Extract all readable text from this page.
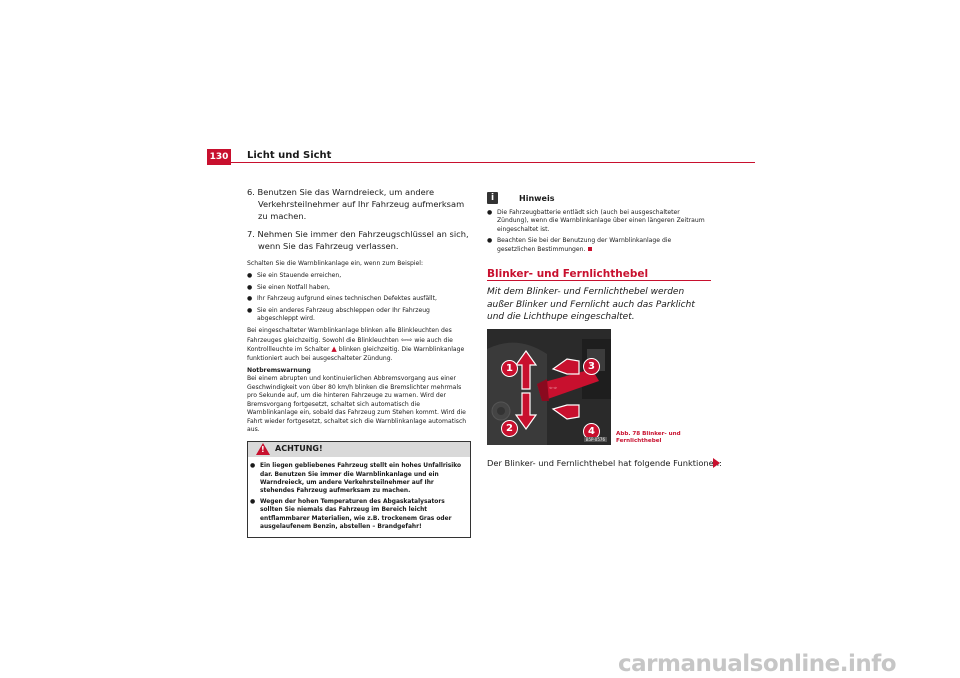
130 Licht und Sicht
6. Benutzen Sie das Warndreieck, um andere Verkehrsteilnehmer auf Ihr Fahrzeug aufmerksam zu machen.
7. Nehmen Sie immer den Fahrzeugschlüssel an sich, wenn Sie das Fahrzeug verlassen.
Schalten Sie die Warnblinkanlage ein, wenn zum Beispiel:
● Sie ein Stauende erreichen,
● Sie einen Notfall haben,
● Ihr Fahrzeug aufgrund eines technischen Defektes ausfällt,
● Sie ein anderes Fahrzeug abschleppen oder Ihr Fahrzeug abgeschleppt wird.
Bei eingeschalteter Warnblinkanlage blinken alle Blinkleuchten des Fahrzeuges gleichzeitig. Sowohl die Blinkleuchten ⇦⇨ wie auch die Kontrollleuchte im Schalter ▲ blinken gleichzeitig. Die Warnblinkanlage funktioniert auch bei ausgeschalteter Zündung.
Notbremswarnung
Bei einem abrupten und kontinuierlichen Abbremsvorgang aus einer Geschwindigkeit von über 80 km/h blinken die Bremslichter mehrmals pro Sekunde auf, um die hinteren Fahrzeuge zu warnen. Wird der Bremsvorgang fortgesetzt, schaltet sich automatisch die Warnblinkanlage ein, sobald das Fahrzeug zum Stehen kommt. Wird die Fahrt wieder fortgesetzt, schaltet sich die Warnblinkanlage automatisch aus.
! ACHTUNG!
● Ein liegen gebliebenes Fahrzeug stellt ein hohes Unfallrisiko dar. Benutzen Sie immer die Warnblinkanlage und ein Warndreieck, um andere Verkehrsteilnehmer auf Ihr stehendes Fahrzeug aufmerksam zu machen.
● Wegen der hohen Temperaturen des Abgaskatalysators sollten Sie niemals das Fahrzeug im Bereich leicht entflammbarer Materialien, wie z.B. trockenem Gras oder ausgelaufenem Benzin, abstellen – Brandgefahr!
i	Hinweis
● Die Fahrzeugbatterie entlädt sich (auch bei ausgeschalteter Zündung), wenn die Warnblinkanlage über einen längeren Zeitraum eingeschaltet ist.
● Beachten Sie bei der Benutzung der Warnblinkanlage die gesetzlichen Bestimmungen.
Blinker- und Fernlichthebel
Mit dem Blinker- und Fernlichthebel werden außer Blinker und Fernlicht auch das Parklicht und die Lichthupe eingeschaltet.
⇦ ⇨
1
2
3
4
B5P-0576
Abb. 78 Blinker- und
Fernlichthebel
Der Blinker- und Fernlichthebel hat folgende Funktionen:
carmanualsonline.info
